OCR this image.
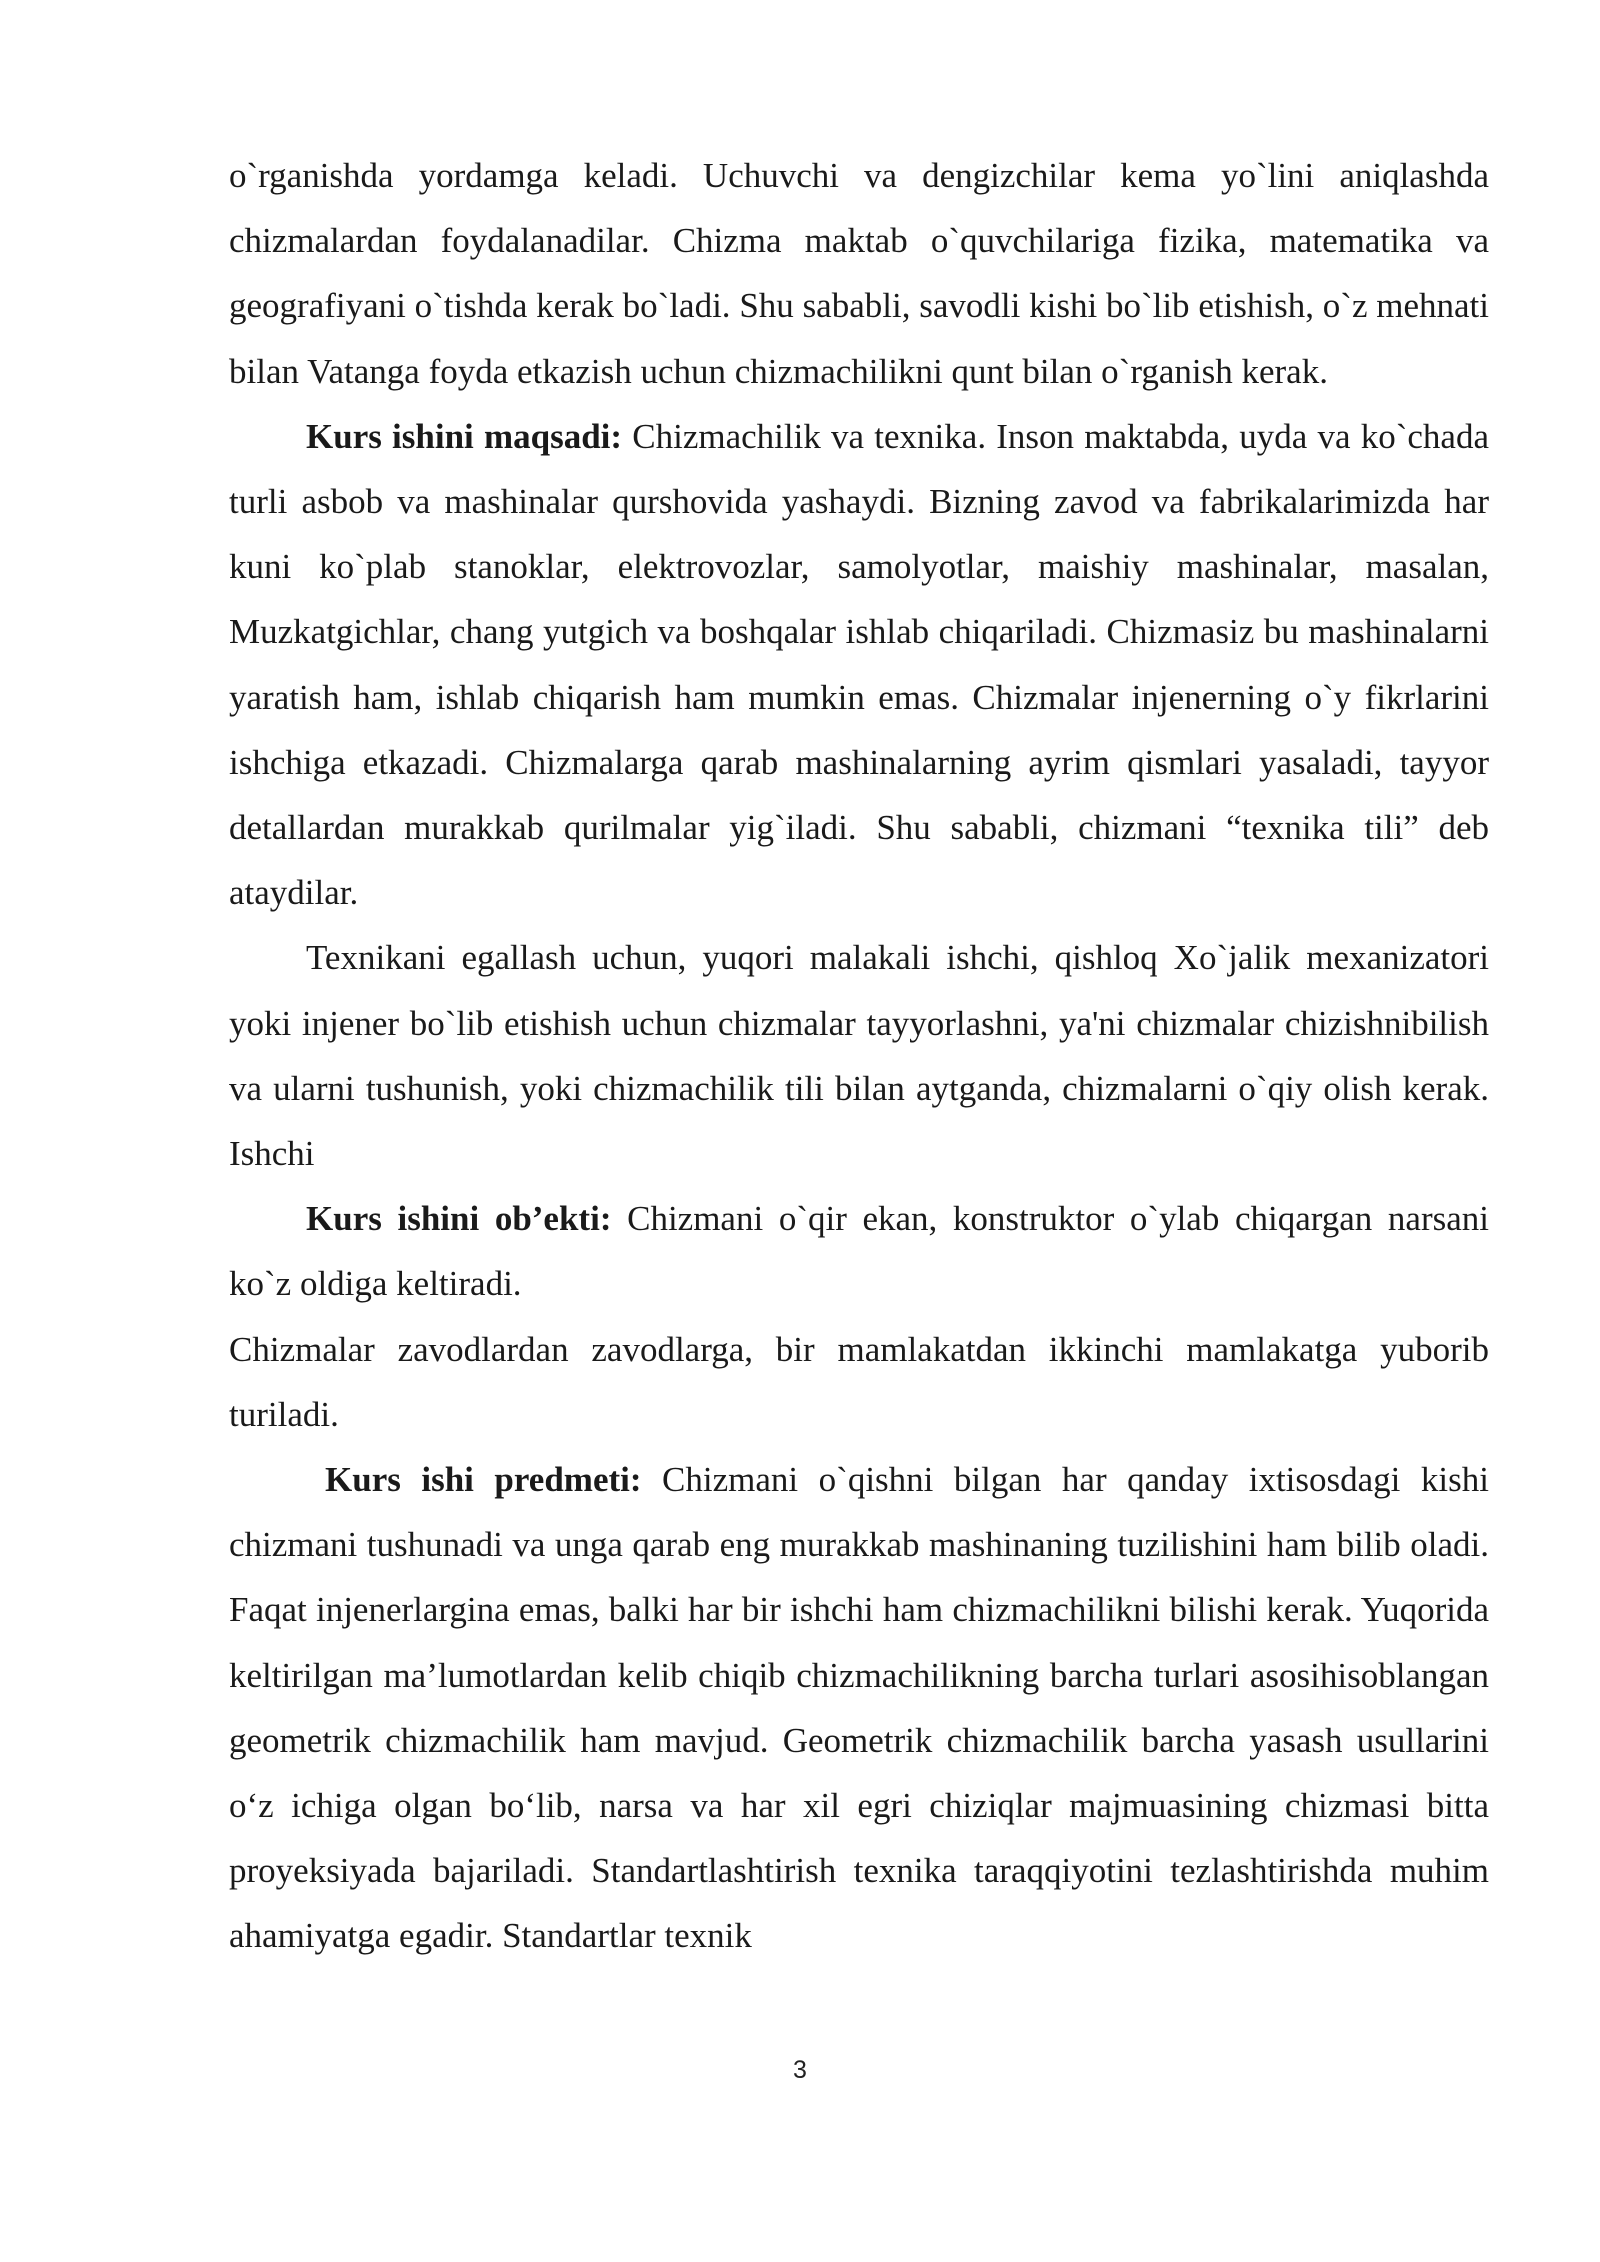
o`rganishda yordamga keladi. Uchuvchi va dengizchilar kema yo`lini aniqlashda chizmalardan foydalanadilar. Chizma maktab o`quvchilariga fizika, matematika va geografiyani o`tishda kerak bo`ladi. Shu sababli, savodli kishi bo`lib etishish, o`z mehnati bilan Vatanga foyda etkazish uchun chizmachilikni qunt bilan o`rganish kerak.

Kurs ishini maqsadi: Chizmachilik va texnika. Inson maktabda, uyda va ko`chada turli asbob va mashinalar qurshovida yashaydi. Bizning zavod va fabrikalarimizda har kuni ko`plab stanoklar, elektrovozlar, samolyotlar, maishiy mashinalar, masalan, Muzkatgichlar, chang yutgich va boshqalar ishlab chiqariladi. Chizmasiz bu mashinalarni yaratish ham, ishlab chiqarish ham mumkin emas. Chizmalar injenerning o`y fikrlarini ishchiga etkazadi. Chizmalarga qarab mashinalarning ayrim qismlari yasaladi, tayyor detallardan murakkab qurilmalar yig`iladi. Shu sababli, chizmani “texnika tili” deb ataydilar.

Texnikani egallash uchun, yuqori malakali ishchi, qishloq Xo`jalik mexanizatori yoki injener bo`lib etishish uchun chizmalar tayyorlashni, ya'ni chizmalar chizishnibilish va ularni tushunish, yoki chizmachilik tili bilan aytganda, chizmalarni o`qiy olish kerak. Ishchi

Kurs ishini ob’ekti: Chizmani o`qir ekan, konstruktor o`ylab chiqargan narsani ko`z oldiga keltiradi.

Chizmalar zavodlardan zavodlarga, bir mamlakatdan ikkinchi mamlakatga yuborib turiladi.

Kurs ishi predmeti: Chizmani o`qishni bilgan har qanday ixtisosdagi kishi chizmani tushunadi va unga qarab eng murakkab mashinaning tuzilishini ham bilib oladi. Faqat injenerlargina emas, balki har bir ishchi ham chizmachilikni bilishi kerak. Yuqorida keltirilgan ma’lumotlardan kelib chiqib chizmachilikning barcha turlari asosihisoblangan geometrik chizmachilik ham mavjud. Geometrik chizmachilik barcha yasash usullarini o‘z ichiga olgan bo‘lib, narsa va har xil egri chiziqlar majmuasining chizmasi bitta proyeksiyada bajariladi. Standartlashtirish texnika taraqqiyotini tezlashtirishda muhim ahamiyatga egadir. Standartlar texnik

3
